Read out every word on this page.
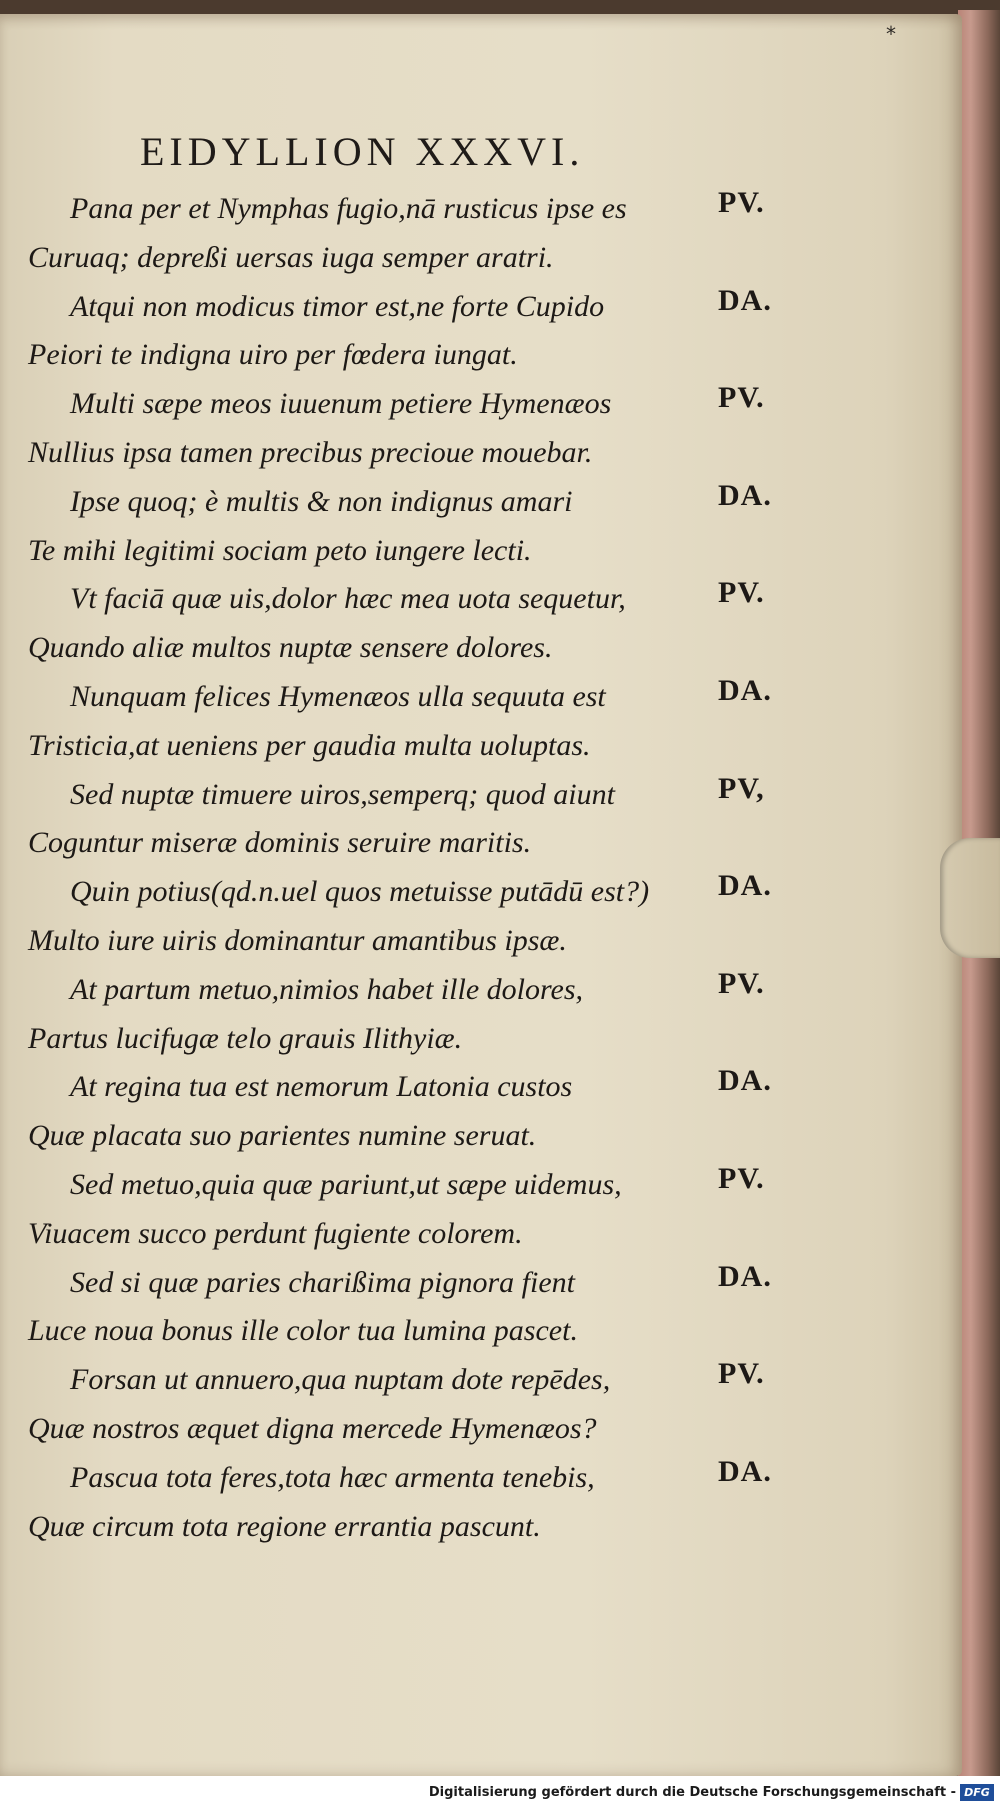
*
EIDYLLION XXXVI.
Pana per et Nymphas fugio,nā rusticus ipse es	PV.
Curuaq; depreßi uersas iuga semper aratri.
Atqui non modicus timor est,ne forte Cupido	DA.
Peiori te indigna uiro per fœdera iungat.
Multi sæpe meos iuuenum petiere Hymenæos	PV.
Nullius ipsa tamen precibus precioue mouebar.
Ipse quoq; è multis & non indignus amari	DA.
Te mihi legitimi sociam peto iungere lecti.
Vt faciā quæ uis,dolor hæc mea uota sequetur,	PV.
Quando aliæ multos nuptæ sensere dolores.
Nunquam felices Hymenæos ulla sequuta est	DA.
Tristicia,at ueniens per gaudia multa uoluptas.
Sed nuptæ timuere uiros,semperq; quod aiunt	PV,
Coguntur miseræ dominis seruire maritis.
Quin potius(qd.n.uel quos metuisse putādū est?) DA.
Multo iure uiris dominantur amantibus ipsæ.
At partum metuo,nimios habet ille dolores,	PV.
Partus lucifugæ telo grauis Ilithyiæ.
At regina tua est nemorum Latonia custos	DA.
Quæ placata suo parientes numine seruat.
Sed metuo,quia quæ pariunt,ut sæpe uidemus,	PV.
Viuacem succo perdunt fugiente colorem.
Sed si quæ paries charißima pignora fient	DA.
Luce noua bonus ille color tua lumina pascet.
Forsan ut annuero,qua nuptam dote repēdes,	PV.
Quæ nostros æquet digna mercede Hymenæos?
Pascua tota feres,tota hæc armenta tenebis,	DA.
Quæ circum tota regione errantia pascunt.
Digitalisierung gefördert durch die Deutsche Forschungsgemeinschaft - DFG
